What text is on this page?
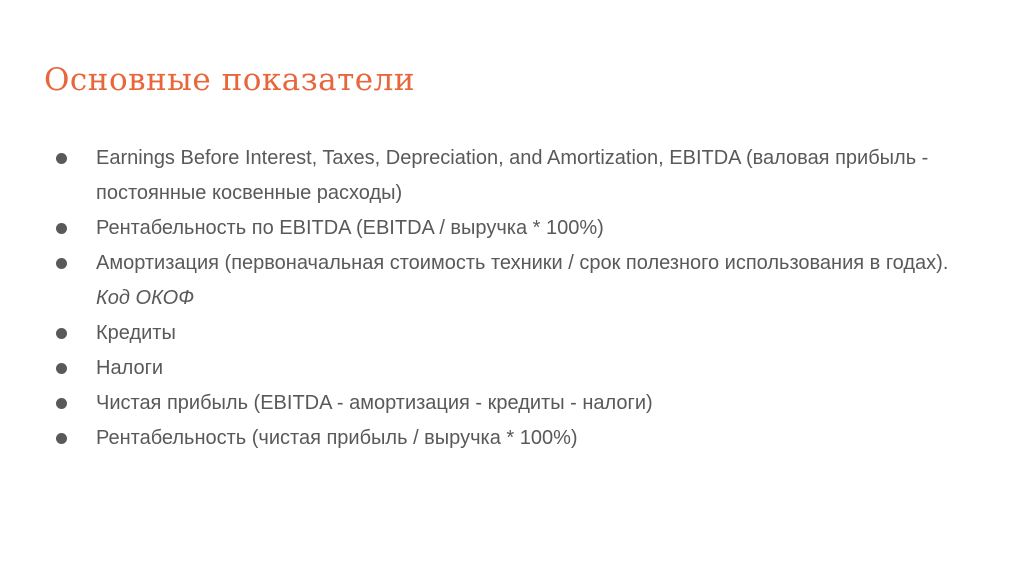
Основные показатели
Earnings Before Interest, Taxes, Depreciation, and Amortization, EBITDA (валовая прибыль - постоянные косвенные расходы)
Рентабельность по EBITDA (EBITDA / выручка * 100%)
Амортизация (первоначальная стоимость техники / срок полезного использования в годах). Код ОКОФ
Кредиты
Налоги
Чистая прибыль (EBITDA - амортизация - кредиты - налоги)
Рентабельность (чистая прибыль / выручка * 100%)
